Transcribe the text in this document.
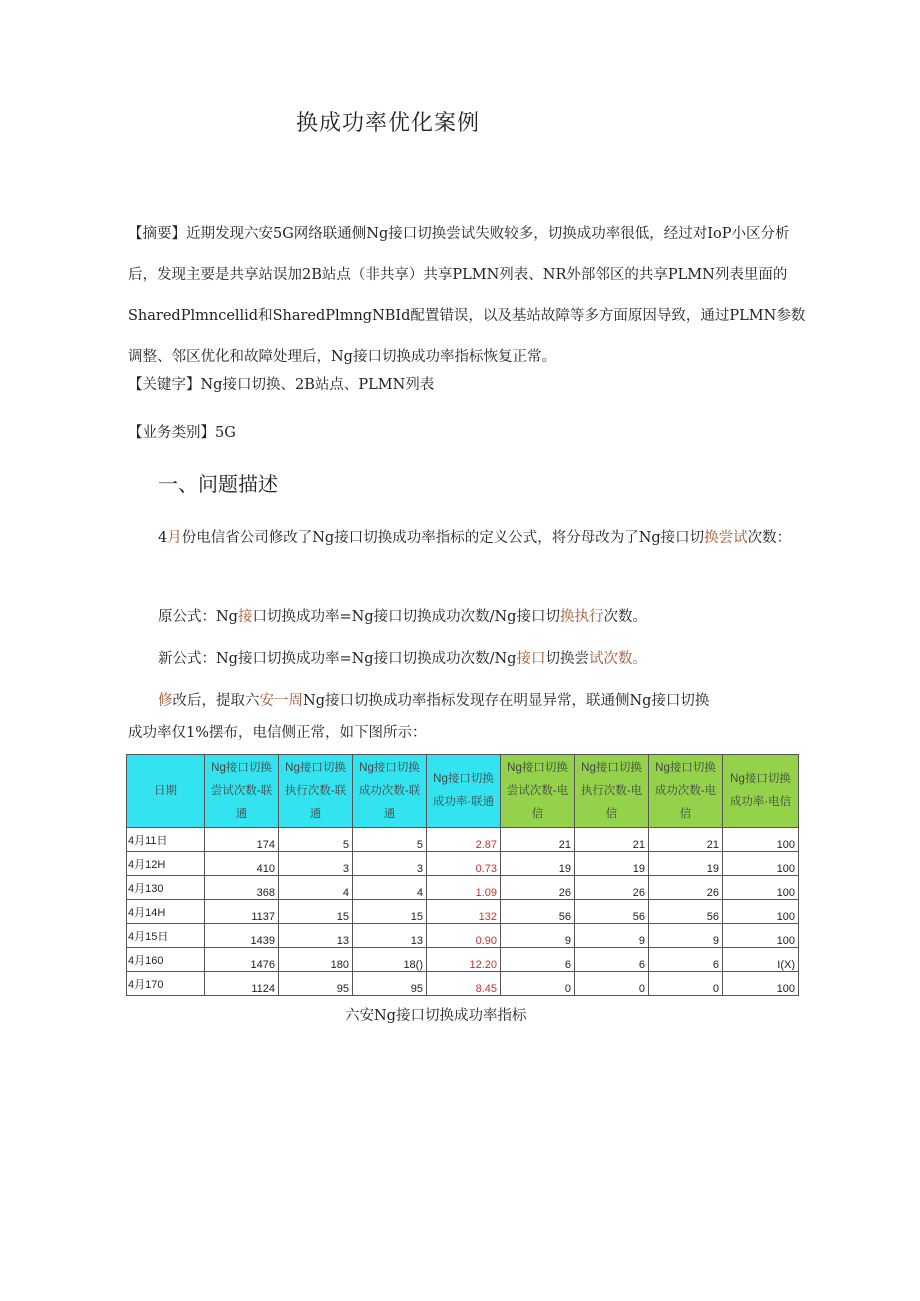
换成功率优化案例
【摘要】近期发现六安5G网络联通侧Ng接口切换尝试失败较多，切换成功率很低，经过对IoP小区分析后，发现主要是共享站误加2B站点（非共享）共享PLMN列表、NR外部邻区的共享PLMN列表里面的SharedPlmncellid和SharedPlmngNBId配置错误，以及基站故障等多方面原因导致，通过PLMN参数调整、邻区优化和故障处理后，Ng接口切换成功率指标恢复正常。
【关键字】Ng接口切换、2B站点、PLMN列表
【业务类别】5G
一、问题描述
4月份电信省公司修改了Ng接口切换成功率指标的定义公式，将分母改为了Ng接口切换尝试次数：
原公式：Ng接口切换成功率=Ng接口切换成功次数/Ng接口切换执行次数。
新公式：Ng接口切换成功率=Ng接口切换成功次数/Ng接口切换尝试次数。
修改后，提取六安一周Ng接口切换成功率指标发现存在明显异常，联通侧Ng接口切换
成功率仅1%摆布，电信侧正常，如下图所示：
日期	Ng接口切换尝试次数-联通	Ng接口切换执行次数-联通	Ng接口切换成功次数-联通	Ng接口切换成功率·联通	Ng接口切换尝试次数-电信	Ng接口切换执行次数-电信	Ng接口切换成功次数-电信	Ng接口切换成功率·电信
4月11日	174	5	5	2.87	21	21	21	100
4月12H	410	3	3	0.73	19	19	19	100
4月130	368	4	4	1.09	26	26	26	100
4月14H	1137	15	15	132	56	56	56	100
4月15日	1439	13	13	0.90	9	9	9	100
4月160	1476	180	18()	12.20	6	6	6	I(X)
4月170	1124	95	95	8.45	0	0	0	100
六安Ng接口切换成功率指标
